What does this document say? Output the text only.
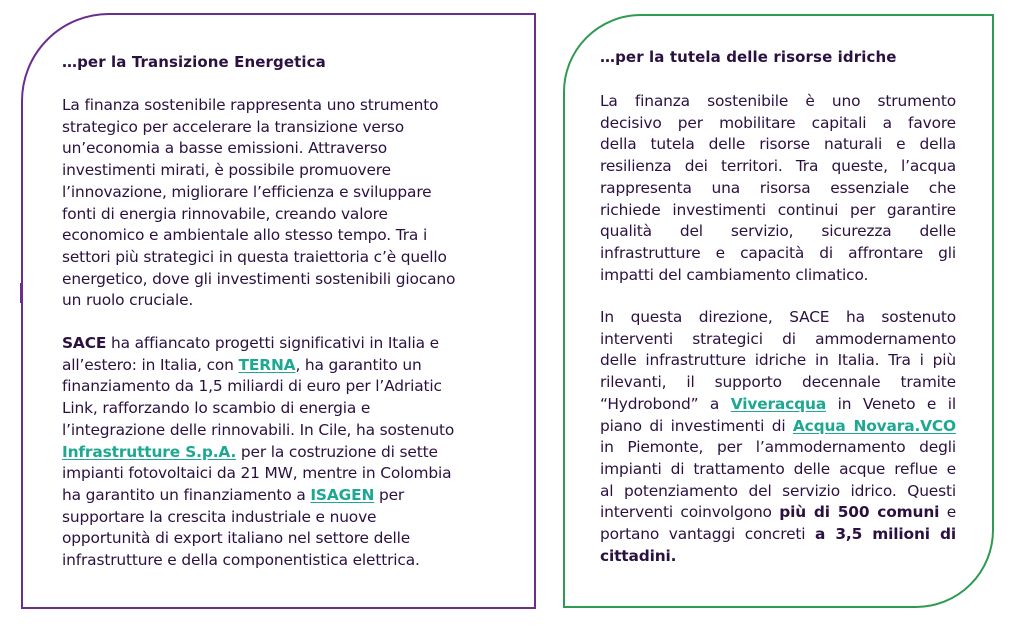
…per la Transizione Energetica

La finanza sostenibile rappresenta uno strumento
strategico per accelerare la transizione verso
un’economia a basse emissioni. Attraverso
investimenti mirati, è possibile promuovere
l’innovazione, migliorare l’efficienza e sviluppare
fonti di energia rinnovabile, creando valore
economico e ambientale allo stesso tempo. Tra i
settori più strategici in questa traiettoria c’è quello
energetico, dove gli investimenti sostenibili giocano
un ruolo cruciale.

SACE ha affiancato progetti significativi in Italia e
all’estero: in Italia, con TERNA, ha garantito un
finanziamento da 1,5 miliardi di euro per l’Adriatic
Link, rafforzando lo scambio di energia e
l’integrazione delle rinnovabili. In Cile, ha sostenuto
Infrastrutture S.p.A. per la costruzione di sette
impianti fotovoltaici da 21 MW, mentre in Colombia
ha garantito un finanziamento a ISAGEN per
supportare la crescita industriale e nuove
opportunità di export italiano nel settore delle
infrastrutture e della componentistica elettrica.

…per la tutela delle risorse idriche

La finanza sostenibile è uno strumento
decisivo per mobilitare capitali a favore
della tutela delle risorse naturali e della
resilienza dei territori. Tra queste, l’acqua
rappresenta una risorsa essenziale che
richiede investimenti continui per garantire
qualità del servizio, sicurezza delle
infrastrutture e capacità di affrontare gli
impatti del cambiamento climatico.

In questa direzione, SACE ha sostenuto
interventi strategici di ammodernamento
delle infrastrutture idriche in Italia. Tra i più
rilevanti, il supporto decennale tramite
“Hydrobond” a Viveracqua in Veneto e il
piano di investimenti di Acqua Novara.VCO
in Piemonte, per l’ammodernamento degli
impianti di trattamento delle acque reflue e
al potenziamento del servizio idrico. Questi
interventi coinvolgono più di 500 comuni e
portano vantaggi concreti a 3,5 milioni di
cittadini.
